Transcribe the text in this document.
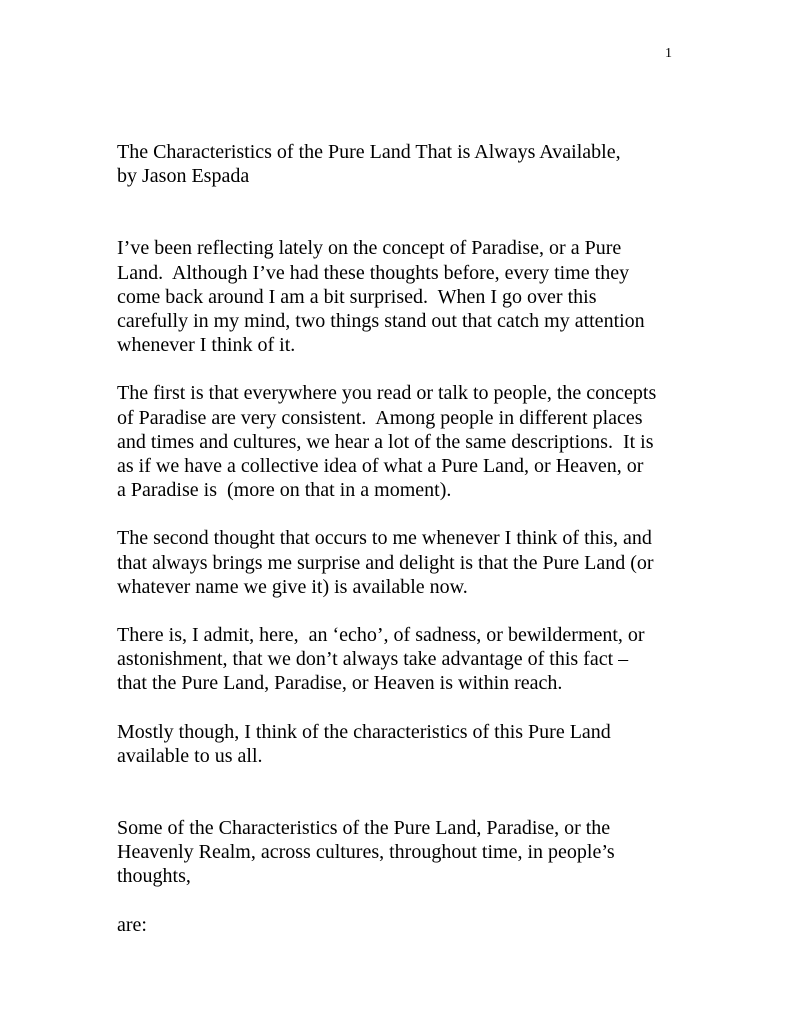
1
The Characteristics of the Pure Land That is Always Available,
by Jason Espada
I’ve been reflecting lately on the concept of Paradise, or a Pure
Land.  Although I’ve had these thoughts before, every time they
come back around I am a bit surprised.  When I go over this
carefully in my mind, two things stand out that catch my attention
whenever I think of it.
The first is that everywhere you read or talk to people, the concepts
of Paradise are very consistent.  Among people in different places
and times and cultures, we hear a lot of the same descriptions.  It is
as if we have a collective idea of what a Pure Land, or Heaven, or
a Paradise is  (more on that in a moment).
The second thought that occurs to me whenever I think of this, and
that always brings me surprise and delight is that the Pure Land (or
whatever name we give it) is available now.
There is, I admit, here,  an ‘echo’, of sadness, or bewilderment, or
astonishment, that we don’t always take advantage of this fact –
that the Pure Land, Paradise, or Heaven is within reach.
Mostly though, I think of the characteristics of this Pure Land
available to us all.
Some of the Characteristics of the Pure Land, Paradise, or the
Heavenly Realm, across cultures, throughout time, in people’s
thoughts,
are:
